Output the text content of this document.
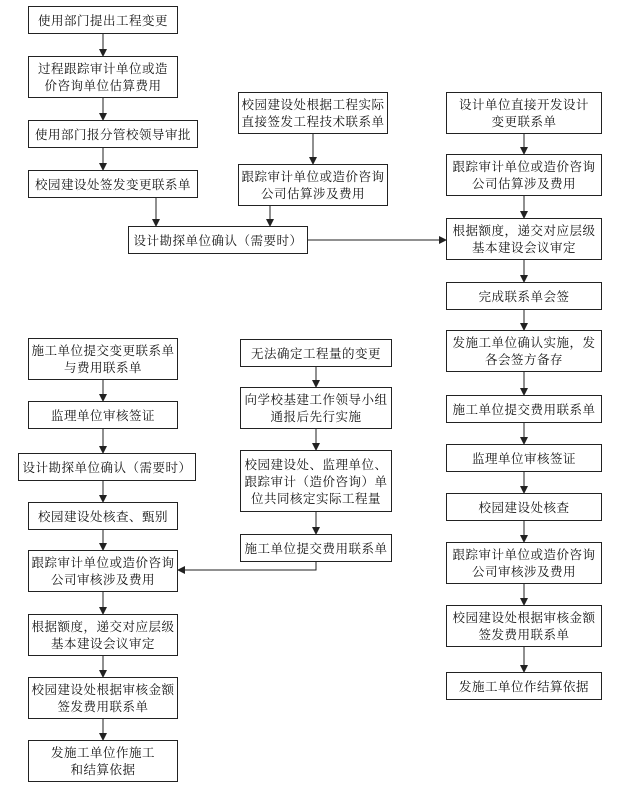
使用部门提出工程变更
过程跟踪审计单位或造
价咨询单位估算费用
使用部门报分管校领导审批
校园建设处签发变更联系单
校园建设处根据工程实际
直接签发工程技术联系单
跟踪审计单位或造价咨询
公司估算涉及费用
设计勘探单位确认（需要时）
设计单位直接开发设计
变更联系单
跟踪审计单位或造价咨询
公司估算涉及费用
根据额度，递交对应层级
基本建设会议审定
完成联系单会签
发施工单位确认实施，发
各会签方备存
施工单位提交费用联系单
监理单位审核签证
校园建设处核查
跟踪审计单位或造价咨询
公司审核涉及费用
校园建设处根据审核金额
签发费用联系单
发施工单位作结算依据
施工单位提交变更联系单
与费用联系单
监理单位审核签证
设计勘探单位确认（需要时）
校园建设处核查、甄别
跟踪审计单位或造价咨询
公司审核涉及费用
根据额度，递交对应层级
基本建设会议审定
校园建设处根据审核金额
签发费用联系单
发施工单位作施工
和结算依据
无法确定工程量的变更
向学校基建工作领导小组
通报后先行实施
校园建设处、监理单位、
跟踪审计（造价咨询）单
位共同核定实际工程量
施工单位提交费用联系单
